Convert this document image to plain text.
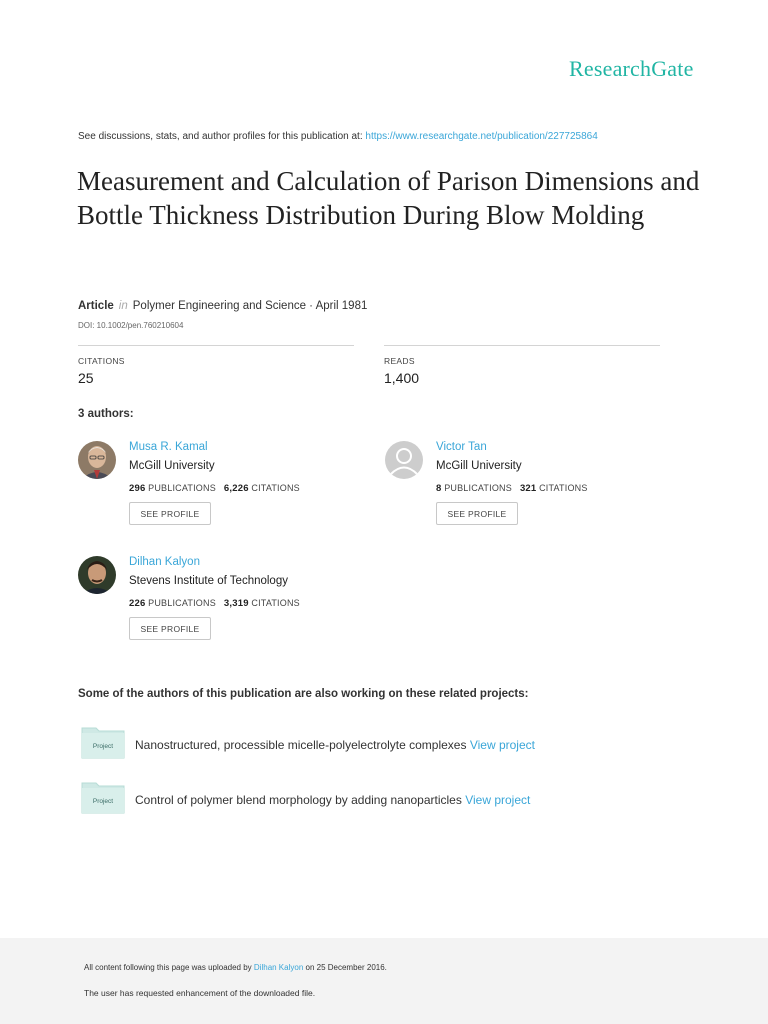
ResearchGate
See discussions, stats, and author profiles for this publication at: https://www.researchgate.net/publication/227725864
Measurement and Calculation of Parison Dimensions and Bottle Thickness Distribution During Blow Molding
Article in Polymer Engineering and Science · April 1981
DOI: 10.1002/pen.760210604
CITATIONS
25
READS
1,400
3 authors:
Musa R. Kamal
McGill University
296 PUBLICATIONS 6,226 CITATIONS
SEE PROFILE
Victor Tan
McGill University
8 PUBLICATIONS 321 CITATIONS
SEE PROFILE
Dilhan Kalyon
Stevens Institute of Technology
226 PUBLICATIONS 3,319 CITATIONS
SEE PROFILE
Some of the authors of this publication are also working on these related projects:
Project Nanostructured, processible micelle-polyelectrolyte complexes View project
Project Control of polymer blend morphology by adding nanoparticles View project
All content following this page was uploaded by Dilhan Kalyon on 25 December 2016.
The user has requested enhancement of the downloaded file.
